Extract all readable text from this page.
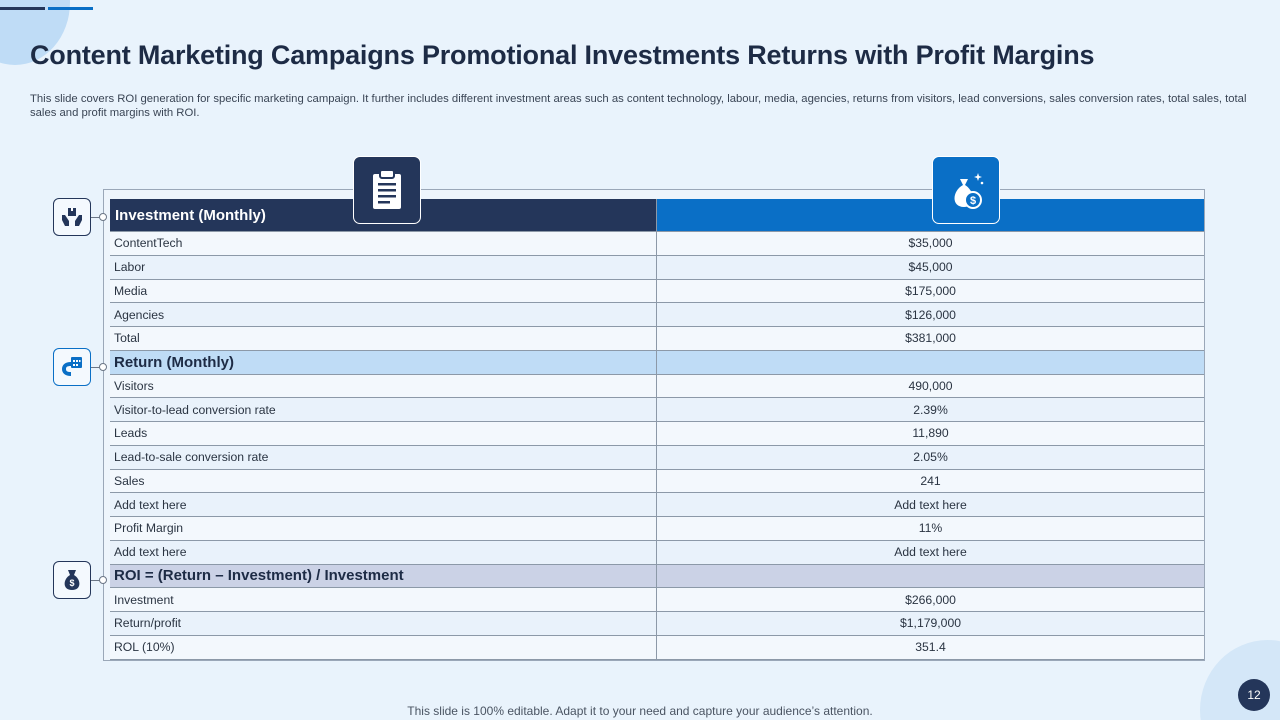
Content Marketing Campaigns Promotional Investments Returns with Profit Margins

This slide covers ROI generation for specific marketing campaign. It further includes different investment areas such as content technology, labour, media, agencies, returns from visitors, lead conversions, sales conversion rates, total sales, total sales and profit margins with ROI.

Investment (Monthly)
ContentTech	$35,000
Labor	$45,000
Media	$175,000
Agencies	$126,000
Total	$381,000
Return (Monthly)
Visitors	490,000
Visitor-to-lead conversion rate	2.39%
Leads	11,890
Lead-to-sale conversion rate	2.05%
Sales	241
Add text here	Add text here
Profit Margin	11%
Add text here	Add text here
ROI = (Return – Investment) / Investment
Investment	$266,000
Return/profit	$1,179,000
ROL (10%)	351.4
$
$
This slide is 100% editable. Adapt it to your need and capture your audience’s attention.
12
